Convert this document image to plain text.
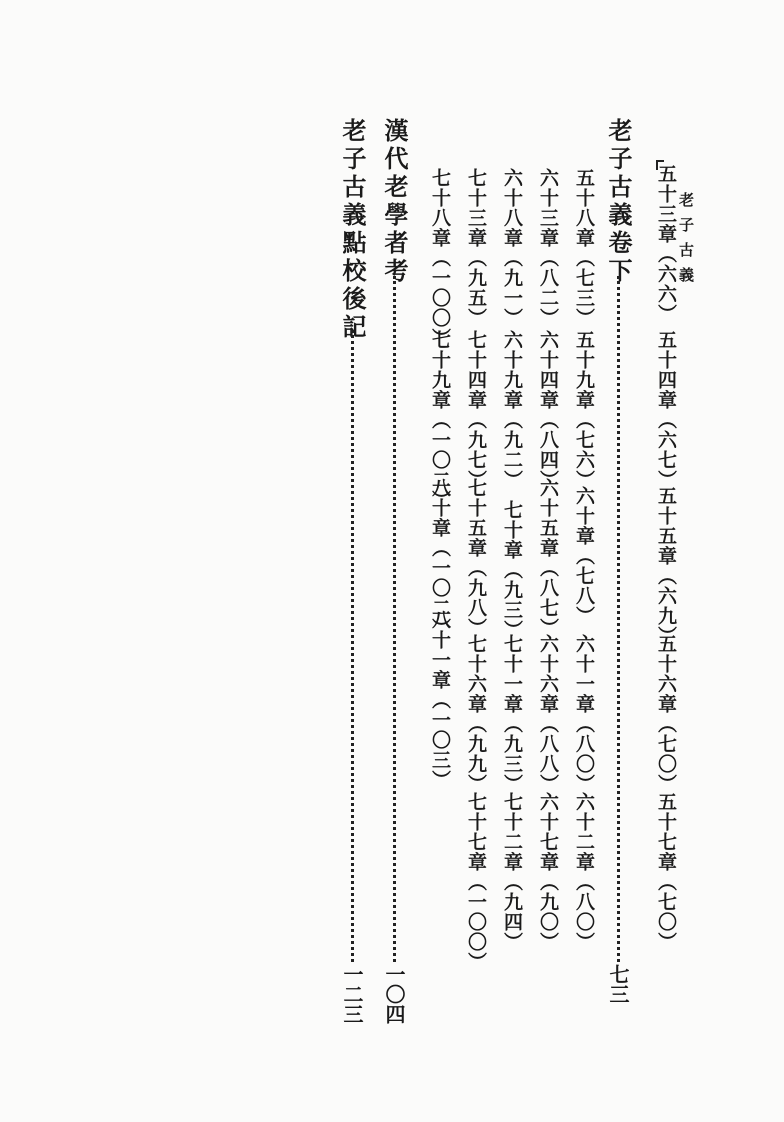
老子古義
五十三章（六六）
五十四章（六七）
五十五章（六九）
五十六章（七〇）
五十七章（七〇）
老子古義卷下
七三
五十八章（七三）
五十九章（七六）
六十章（七八）
六十一章（八〇）
六十二章（八〇）
六十三章（八二）
六十四章（八四）
六十五章（八七）
六十六章（八八）
六十七章（九〇）
六十八章（九一）
六十九章（九二）
七十章（九三）
七十一章（九三）
七十二章（九四）
七十三章（九五）
七十四章（九七）
七十五章（九八）
七十六章（九九）
七十七章（一〇〇）
七十八章（一〇〇）
七十九章（一〇二）
八十章（一〇二）
八十一章（一〇三）
漢代老學者考
一〇四
老子古義點校後記
一二三
